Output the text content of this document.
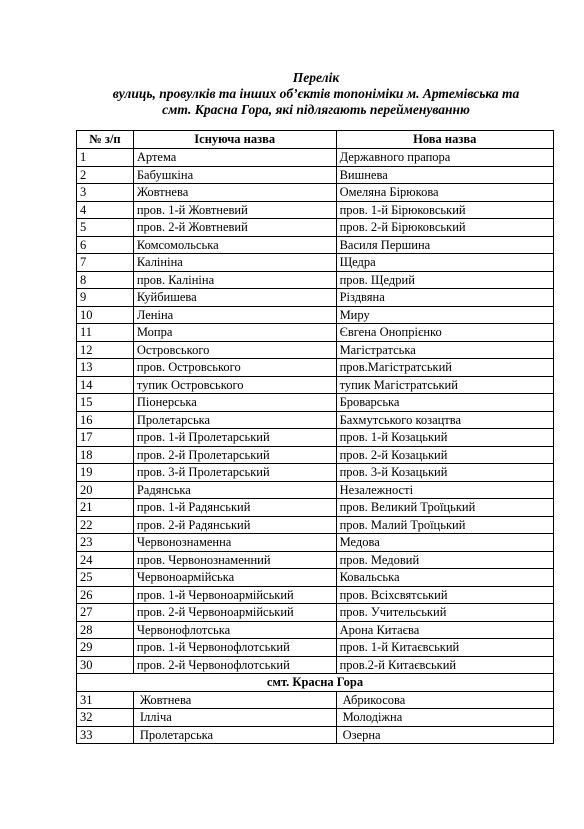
Перелік
вулиць, провулків та інших об’єктів топоніміки м. Артемівська та
смт. Красна Гора, які підлягають перейменуванню
№ з/п	Існуюча назва	Нова назва
1	Артема	Державного прапора
2	Бабушкіна	Вишнева
3	Жовтнева	Омеляна Бірюкова
4	пров. 1-й Жовтневий	пров. 1-й Бірюковський
5	пров. 2-й Жовтневий	пров. 2-й Бірюковський
6	Комсомольська	Василя Першина
7	Калініна	Щедра
8	пров. Калініна	пров. Щедрий
9	Куйбишева	Різдвяна
10	Леніна	Миру
11	Мопра	Євгена Онопрієнко
12	Островського	Магістратська
13	пров. Островського	пров.Магістратський
14	тупик Островського	тупик Магістратський
15	Піонерська	Броварська
16	Пролетарська	Бахмутського козацтва
17	пров. 1-й Пролетарський	пров. 1-й Козацький
18	пров. 2-й Пролетарський	пров. 2-й Козацький
19	пров. 3-й Пролетарський	пров. 3-й Козацький
20	Радянська	Незалежності
21	пров. 1-й Радянський	пров. Великий Троїцький
22	пров. 2-й Радянський	пров. Малий Троїцький
23	Червонознаменна	Медова
24	пров. Червонознаменний	пров. Медовий
25	Червоноармійська	Ковальська
26	пров. 1-й Червоноармійський	пров. Всіхсвятський
27	пров. 2-й Червоноармійський	пров. Учительський
28	Червонофлотська	Арона Китаєва
29	пров. 1-й Червонофлотський	пров. 1-й Китаєвський
30	пров. 2-й Червонофлотський	пров.2-й Китаєвський
смт. Красна Гора		
31	Жовтнева	Абрикосова
32	Ілліча	Молодіжна
33	Пролетарська	Озерна
